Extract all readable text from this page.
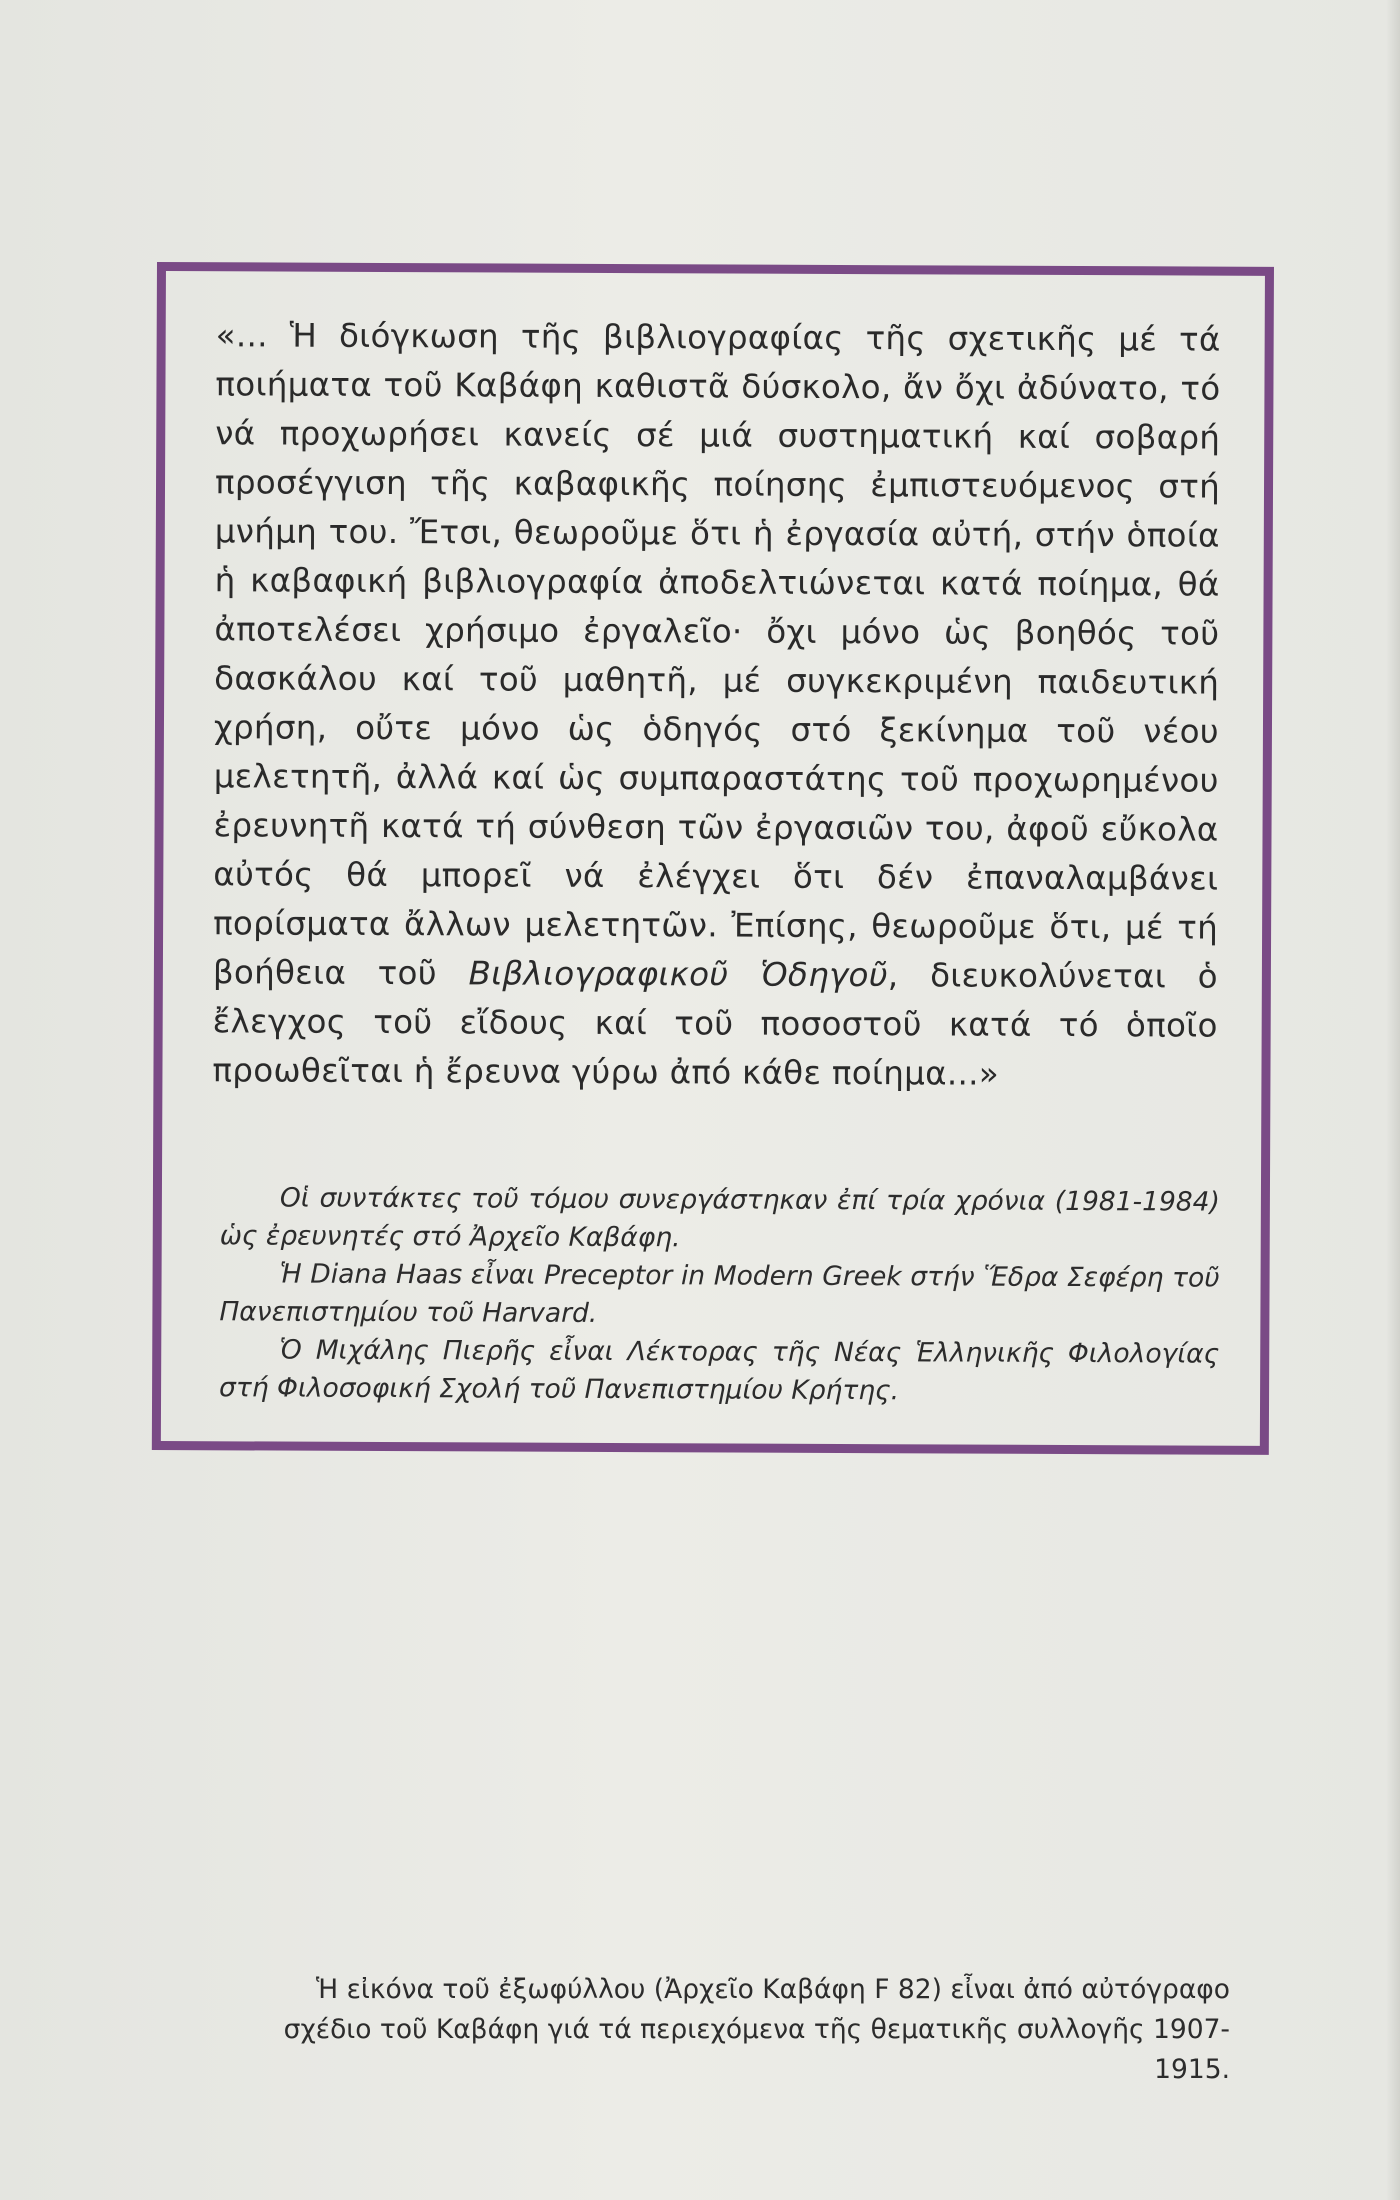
«... Ἡ διόγκωση τῆς βιβλιογραφίας τῆς σχετικῆς μέ τά ποιήματα τοῦ Καβάφη καθιστᾶ δύσκολο, ἄν ὄχι ἀδύνατο, τό νά προχωρήσει κανείς σέ μιά συστηματική καί σοβαρή προσέγγιση τῆς καβαφικῆς ποίησης ἐμπιστευόμενος στή μνήμη του. Ἔτσι, θεωροῦμε ὅτι ἡ ἐργασία αὐτή, στήν ὁποία ἡ καβαφική βιβλιογραφία ἀποδελτιώνεται κατά ποίημα, θά ἀποτελέσει χρήσιμο ἐργαλεῖο· ὄχι μόνο ὡς βοηθός τοῦ δασκάλου καί τοῦ μαθητῆ, μέ συγκεκριμένη παιδευτική χρήση, οὔτε μόνο ὡς ὁδηγός στό ξεκίνημα τοῦ νέου μελετητῆ, ἀλλά καί ὡς συμπαραστάτης τοῦ προχωρημένου ἐρευνητῆ κατά τή σύνθεση τῶν ἐργασιῶν του, ἀφοῦ εὔκολα αὐτός θά μπορεῖ νά ἐλέγχει ὅτι δέν ἐπαναλαμβάνει πορίσματα ἄλλων μελετητῶν. Ἐπίσης, θεωροῦμε ὅτι, μέ τή βοήθεια τοῦ Βιβλιογραφικοῦ Ὁδηγοῦ, διευκολύνεται ὁ ἔλεγχος τοῦ εἴδους καί τοῦ ποσοστοῦ κατά τό ὁποῖο προωθεῖται ἡ ἔρευνα γύρω ἀπό κάθε ποίημα...»

Οἱ συντάκτες τοῦ τόμου συνεργάστηκαν ἐπί τρία χρόνια (1981-1984) ὡς ἐρευνητές στό Ἀρχεῖο Καβάφη.

Ἡ Diana Haas εἶναι Preceptor in Modern Greek στήν Ἕδρα Σεφέρη τοῦ Πανεπιστημίου τοῦ Harvard.

Ὁ Μιχάλης Πιερῆς εἶναι Λέκτορας τῆς Νέας Ἑλληνικῆς Φιλολογίας στή Φιλοσοφική Σχολή τοῦ Πανεπιστημίου Κρήτης.

Ἡ εἰκόνα τοῦ ἐξωφύλλου (Ἀρχεῖο Καβάφη F 82) εἶναι ἀπό αὐτόγραφο

σχέδιο τοῦ Καβάφη γιά τά περιεχόμενα τῆς θεματικῆς συλλογῆς 1907-1915.
